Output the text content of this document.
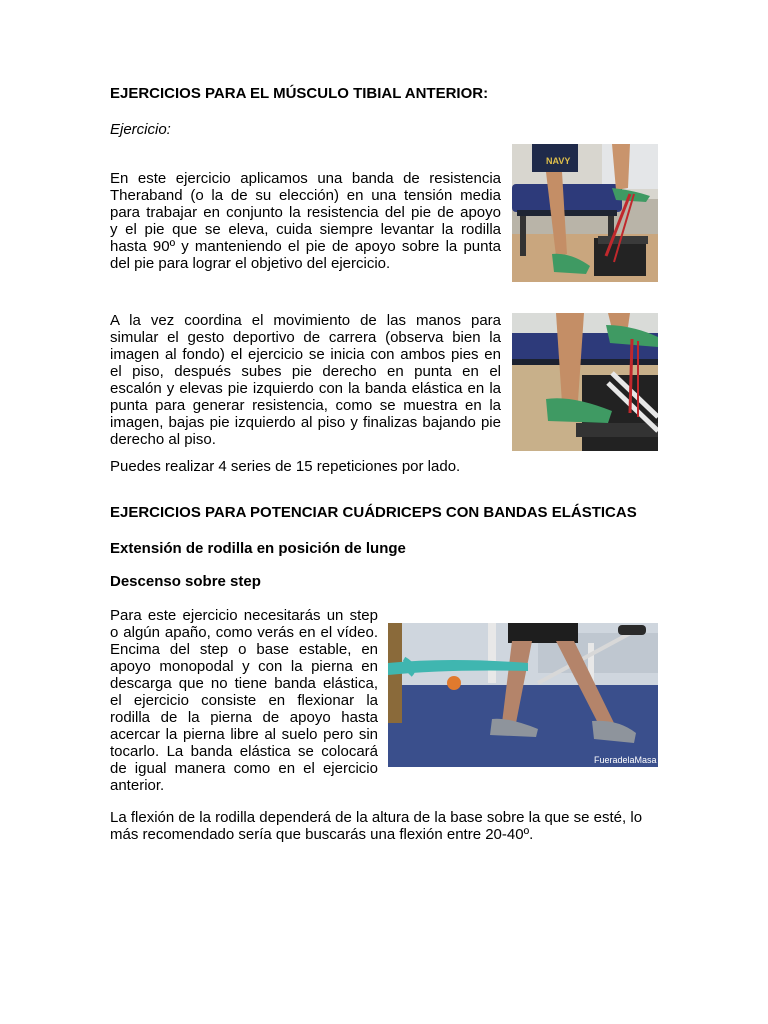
EJERCICIOS PARA EL MÚSCULO TIBIAL ANTERIOR:

Ejercicio:

En este ejercicio aplicamos una banda de resistencia
Theraband (o la de su elección) en una tensión media
para trabajar en conjunto la resistencia del pie de apoyo
y el pie que se eleva, cuida siempre levantar la rodilla
hasta 90º y manteniendo el pie de apoyo sobre la punta
del pie para lograr el objetivo del ejercicio.
A la vez coordina el movimiento de las manos para
simular el gesto deportivo de carrera (observa bien la
imagen al fondo) el ejercicio se inicia con ambos pies en
el piso, después subes pie derecho en punta en el
escalón y elevas pie izquierdo con la banda elástica en la
punta para generar resistencia, como se muestra en la
imagen, bajas pie izquierdo al piso y finalizas bajando pie
derecho al piso.

Puedes realizar 4 series de 15 repeticiones por lado.

NAVY
EJERCICIOS PARA POTENCIAR CUÁDRICEPS CON BANDAS ELÁSTICAS
Extensión de rodilla en posición de lunge
Descenso sobre step
Para este ejercicio necesitarás un step
o algún apaño, como verás en el vídeo.
Encima del step o base estable, en
apoyo monopodal y con la pierna en
descarga que no tiene banda elástica,
el ejercicio consiste en flexionar la
rodilla de la pierna de apoyo hasta
acercar la pierna libre al suelo pero sin
tocarlo. La banda elástica se colocará
de igual manera como en el ejercicio
anterior.
FueradelaMasa
La flexión de la rodilla dependerá de la altura de la base sobre la que se esté, lo
más recomendado sería que buscarás una flexión entre 20-40º.
